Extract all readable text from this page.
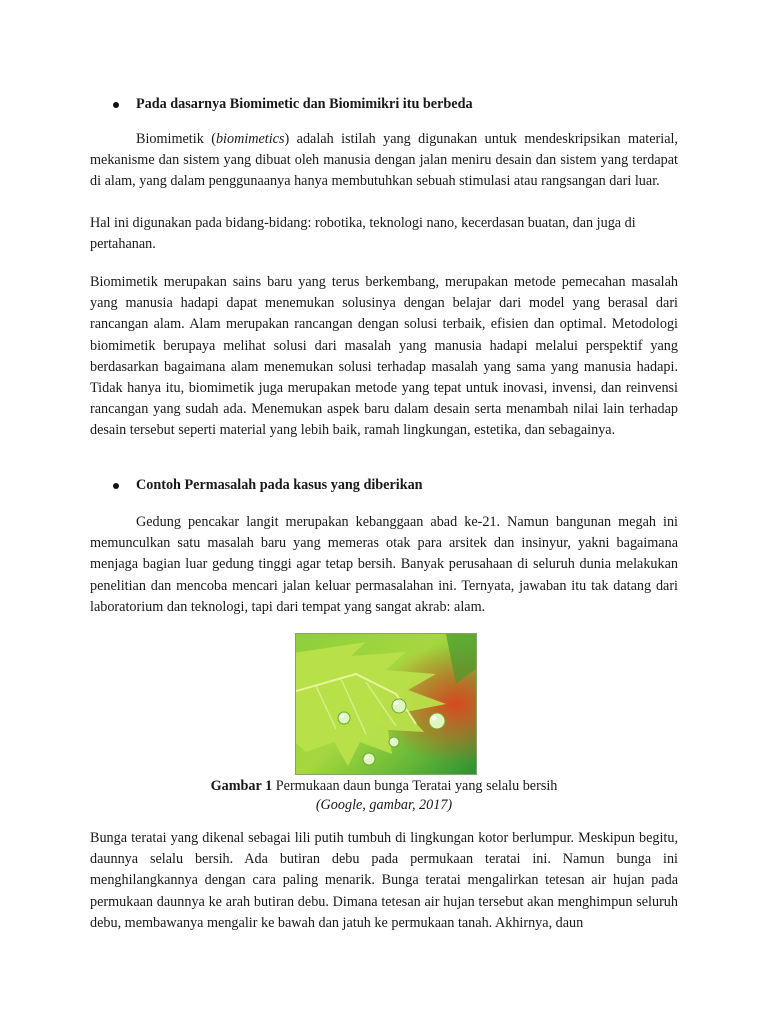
Pada dasarnya Biomimetic dan Biomimikri itu berbeda

Biomimetik (biomimetics) adalah istilah yang digunakan untuk mendeskripsikan material, mekanisme dan sistem yang dibuat oleh manusia dengan jalan meniru desain dan sistem yang terdapat di alam, yang dalam penggunaanya hanya membutuhkan sebuah stimulasi atau rangsangan dari luar.

Hal ini digunakan pada bidang-bidang: robotika, teknologi nano, kecerdasan buatan, dan juga di pertahanan.

Biomimetik merupakan sains baru yang terus berkembang, merupakan metode pemecahan masalah yang manusia hadapi dapat menemukan solusinya dengan belajar dari model yang berasal dari rancangan alam. Alam merupakan rancangan dengan solusi terbaik, efisien dan optimal. Metodologi biomimetik berupaya melihat solusi dari masalah yang manusia hadapi melalui perspektif yang berdasarkan bagaimana alam menemukan solusi terhadap masalah yang sama yang manusia hadapi. Tidak hanya itu, biomimetik juga merupakan metode yang tepat untuk inovasi, invensi, dan reinvensi rancangan yang sudah ada. Menemukan aspek baru dalam desain serta menambah nilai lain terhadap desain tersebut seperti material yang lebih baik, ramah lingkungan, estetika, dan sebagainya.

Contoh Permasalah pada kasus yang diberikan

Gedung pencakar langit merupakan kebanggaan abad ke-21. Namun bangunan megah ini memunculkan satu masalah baru yang memeras otak para arsitek dan insinyur, yakni bagaimana menjaga bagian luar gedung tinggi agar tetap bersih. Banyak perusahaan di seluruh dunia melakukan penelitian dan mencoba mencari jalan keluar permasalahan ini. Ternyata, jawaban itu tak datang dari laboratorium dan teknologi, tapi dari tempat yang sangat akrab: alam.

Gambar 1 Permukaan daun bunga Teratai yang selalu bersih

(Google, gambar, 2017)

Bunga teratai yang dikenal sebagai lili putih tumbuh di lingkungan kotor berlumpur. Meskipun begitu, daunnya selalu bersih. Ada butiran debu pada permukaan teratai ini. Namun bunga ini menghilangkannya dengan cara paling menarik. Bunga teratai mengalirkan tetesan air hujan pada permukaan daunnya ke arah butiran debu. Dimana tetesan air hujan tersebut akan menghimpun seluruh debu, membawanya mengalir ke bawah dan jatuh ke permukaan tanah. Akhirnya, daun
